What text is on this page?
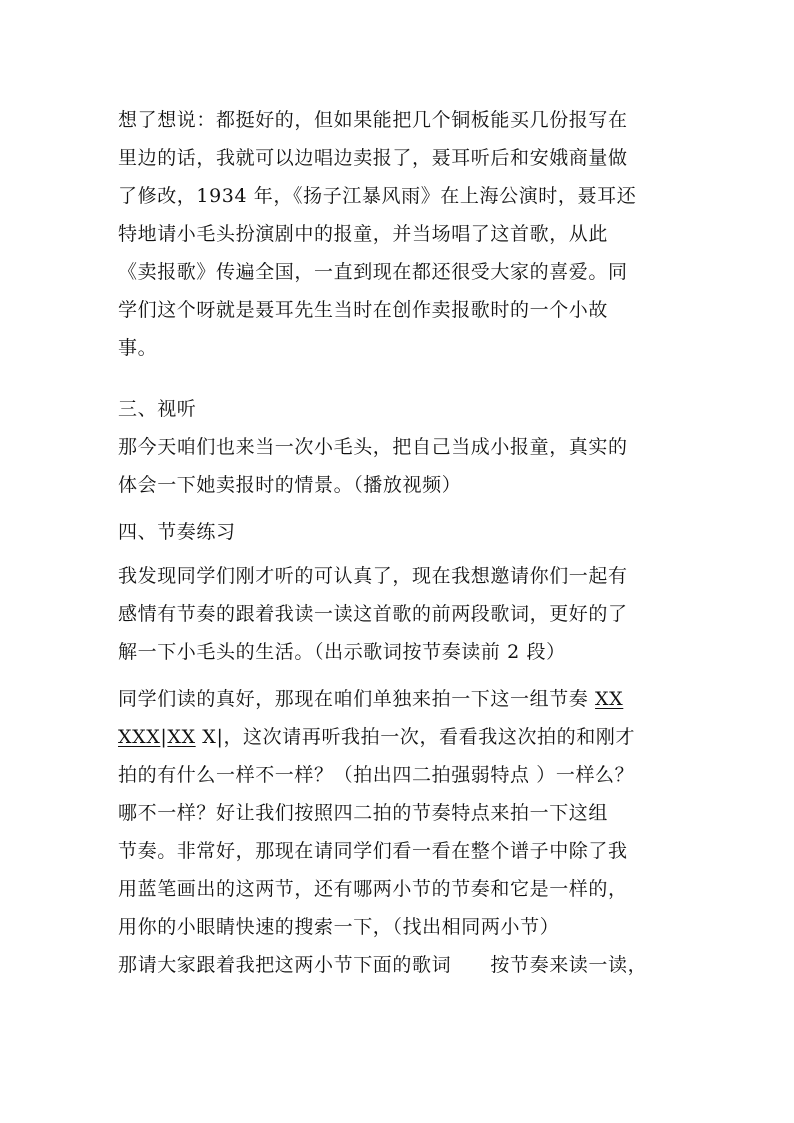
想了想说：都挺好的，但如果能把几个铜板能买几份报写在

里边的话，我就可以边唱边卖报了，聂耳听后和安娥商量做

了修改，1934 年，《扬子江暴风雨》在上海公演时，聂耳还

特地请小毛头扮演剧中的报童，并当场唱了这首歌，从此

《卖报歌》传遍全国，一直到现在都还很受大家的喜爱。同

学们这个呀就是聂耳先生当时在创作卖报歌时的一个小故

事。

三、视听

那今天咱们也来当一次小毛头，把自己当成小报童，真实的

体会一下她卖报时的情景。（播放视频）

四、节奏练习

我发现同学们刚才听的可认真了，现在我想邀请你们一起有

感情有节奏的跟着我读一读这首歌的前两段歌词，更好的了

解一下小毛头的生活。（出示歌词按节奏读前 2 段）

同学们读的真好，那现在咱们单独来拍一下这一组节奏 XX

XXX|XX X|，这次请再听我拍一次，看看我这次拍的和刚才

拍的有什么一样不一样？（拍出四二拍强弱特点 ）一样么？

哪不一样？好让我们按照四二拍的节奏特点来拍一下这组

节奏。非常好，那现在请同学们看一看在整个谱子中除了我

用蓝笔画出的这两节，还有哪两小节的节奏和它是一样的，

用你的小眼睛快速的搜索一下，（找出相同两小节）

那请大家跟着我把这两小节下面的歌词　　按节奏来读一读，
